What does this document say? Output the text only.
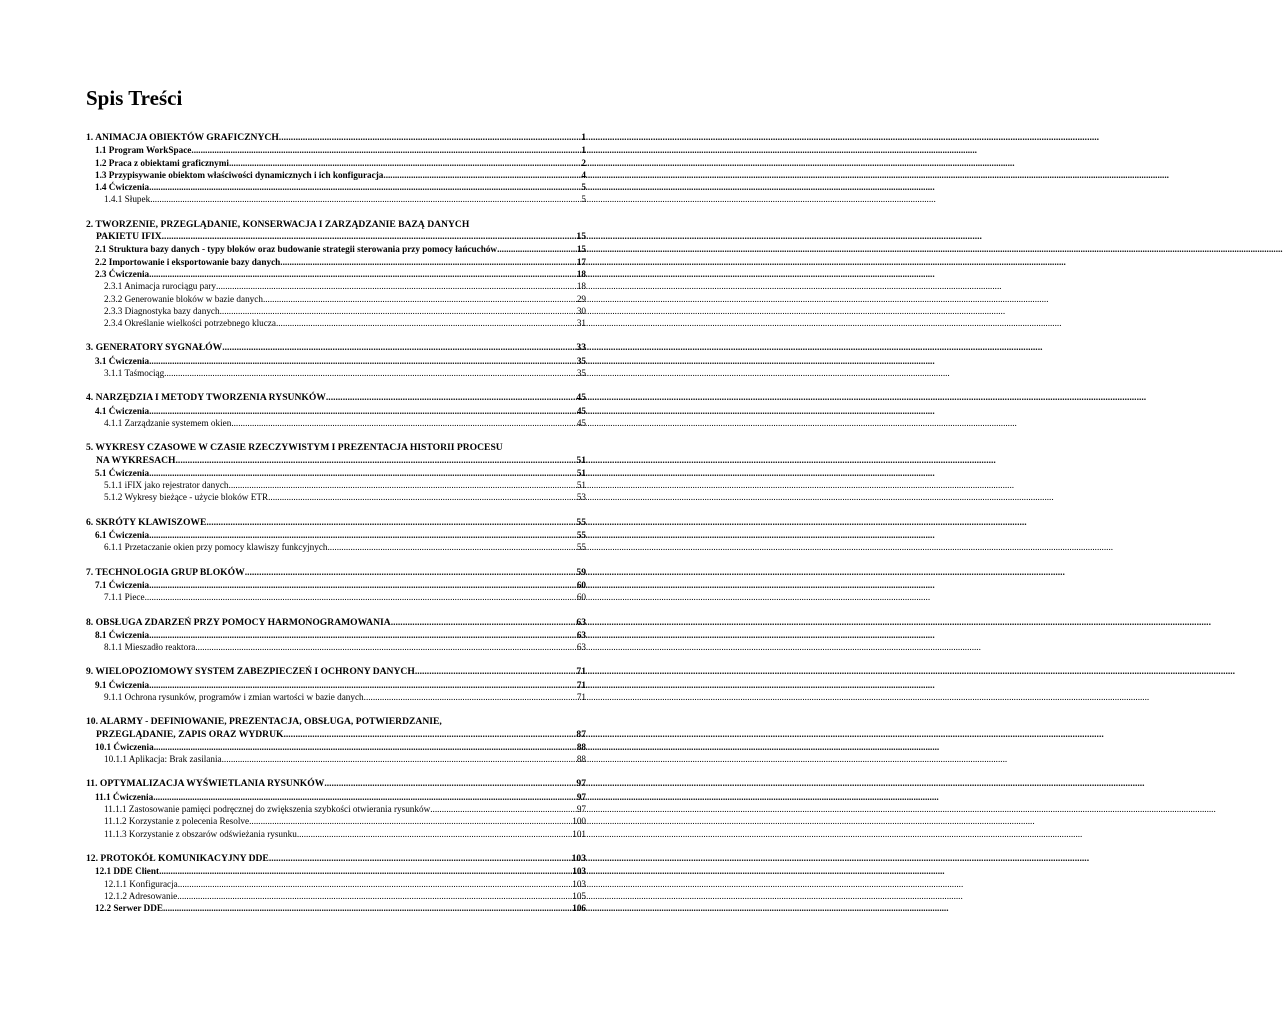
Spis Treści
1. ANIMACJA OBIEKTÓW GRAFICZNYCH .....	1
1.1 Program WorkSpace .....	1
1.2 Praca z obiektami graficznymi .....	2
1.3 Przypisywanie obiektom właściwości dynamicznych i ich konfiguracja .....	4
1.4 Ćwiczenia .....	5
1.4.1 Słupek .....	5
2. TWORZENIE, PRZEGLĄDANIE, KONSERWACJA I ZARZĄDZANIE BAZĄ DANYCH
PAKIETU IFIX .....	15
2.1 Struktura bazy danych - typy bloków oraz budowanie strategii sterowania przy pomocy łańcuchów .....	15
2.2 Importowanie i eksportowanie bazy danych .....	17
2.3 Ćwiczenia .....	18
2.3.1 Animacja rurociągu pary .....	18
2.3.2 Generowanie bloków w bazie danych .....	29
2.3.3 Diagnostyka bazy danych .....	30
2.3.4 Określanie wielkości potrzebnego klucza .....	31
3. GENERATORY SYGNAŁÓW .....	33
3.1 Ćwiczenia .....	35
3.1.1 Taśmociąg .....	35
4. NARZĘDZIA I METODY TWORZENIA RYSUNKÓW .....	45
4.1 Ćwiczenia .....	45
4.1.1 Zarządzanie systemem okien .....	45
5. WYKRESY CZASOWE W CZASIE RZECZYWISTYM I PREZENTACJA HISTORII PROCESU
NA WYKRESACH .....	51
5.1 Ćwiczenia .....	51
5.1.1 iFIX jako rejestrator danych .....	51
5.1.2 Wykresy bieżące - użycie bloków ETR .....	53
6. SKRÓTY KLAWISZOWE .....	55
6.1 Ćwiczenia .....	55
6.1.1 Przetaczanie okien przy pomocy klawiszy funkcyjnych .....	55
7. TECHNOLOGIA GRUP BLOKÓW .....	59
7.1 Ćwiczenia .....	60
7.1.1 Piece .....	60
8. OBSŁUGA ZDARZEŃ PRZY POMOCY HARMONOGRAMOWANIA .....	63
8.1 Ćwiczenia .....	63
8.1.1 Mieszadło reaktora .....	63
9. WIELOPOZIOMOWY SYSTEM ZABEZPIECZEŃ I OCHRONY DANYCH .....	71
9.1 Ćwiczenia .....	71
9.1.1 Ochrona rysunków, programów i zmian wartości w bazie danych .....	71
10. ALARMY - DEFINIOWANIE, PREZENTACJA, OBSŁUGA, POTWIERDZANIE,
PRZEGLĄDANIE, ZAPIS ORAZ WYDRUK .....	87
10.1 Ćwiczenia .....	88
10.1.1 Aplikacja: Brak zasilania .....	88
11. OPTYMALIZACJA WYŚWIETLANIA RYSUNKÓW .....	97
11.1 Ćwiczenia .....	97
11.1.1 Zastosowanie pamięci podręcznej do zwiększenia szybkości otwierania rysunków .....	97
11.1.2 Korzystanie z polecenia Resolve .....	100
11.1.3 Korzystanie z obszarów odświeżania rysunku .....	101
12. PROTOKÓŁ KOMUNIKACYJNY DDE .....	103
12.1 DDE Client .....	103
12.1.1 Konfiguracja .....	103
12.1.2 Adresowanie .....	105
12.2 Serwer DDE .....	106
